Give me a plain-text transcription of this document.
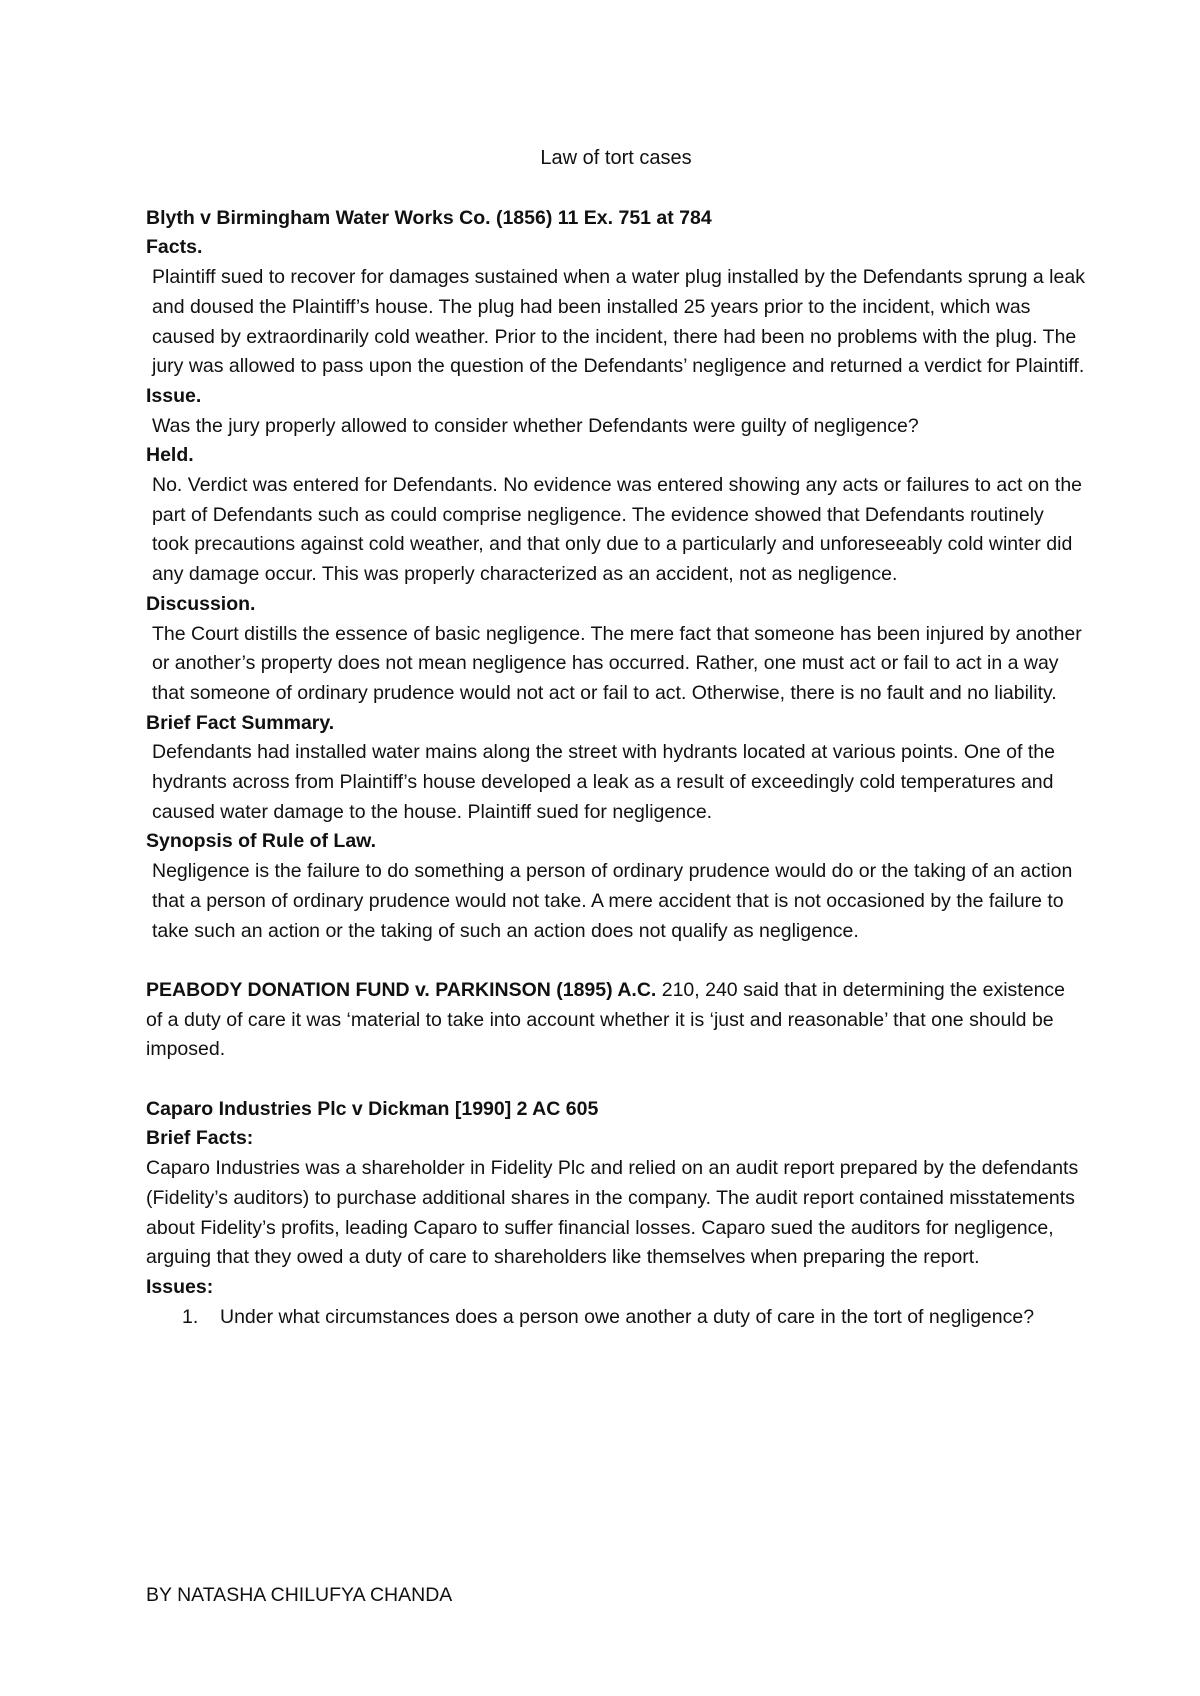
Law of tort cases

Blyth v Birmingham Water Works Co. (1856) 11 Ex. 751 at 784

Facts.

Plaintiff sued to recover for damages sustained when a water plug installed by the Defendants sprung a leak and doused the Plaintiff’s house. The plug had been installed 25 years prior to the incident, which was caused by extraordinarily cold weather. Prior to the incident, there had been no problems with the plug. The jury was allowed to pass upon the question of the Defendants’ negligence and returned a verdict for Plaintiff.

Issue.

Was the jury properly allowed to consider whether Defendants were guilty of negligence?

Held.

No. Verdict was entered for Defendants. No evidence was entered showing any acts or failures to act on the part of Defendants such as could comprise negligence. The evidence showed that Defendants routinely took precautions against cold weather, and that only due to a particularly and unforeseeably cold winter did any damage occur. This was properly characterized as an accident, not as negligence.

Discussion.

The Court distills the essence of basic negligence. The mere fact that someone has been injured by another or another’s property does not mean negligence has occurred. Rather, one must act or fail to act in a way that someone of ordinary prudence would not act or fail to act. Otherwise, there is no fault and no liability.

Brief Fact Summary.

Defendants had installed water mains along the street with hydrants located at various points. One of the hydrants across from Plaintiff’s house developed a leak as a result of exceedingly cold temperatures and caused water damage to the house. Plaintiff sued for negligence.

Synopsis of Rule of Law.

Negligence is the failure to do something a person of ordinary prudence would do or the taking of an action that a person of ordinary prudence would not take. A mere accident that is not occasioned by the failure to take such an action or the taking of such an action does not qualify as negligence.

PEABODY DONATION FUND v. PARKINSON (1895) A.C. 210, 240 said that in determining the existence of a duty of care it was ‘material to take into account whether it is ‘just and reasonable’ that one should be imposed.

Caparo Industries Plc v Dickman [1990] 2 AC 605

Brief Facts:

Caparo Industries was a shareholder in Fidelity Plc and relied on an audit report prepared by the defendants (Fidelity’s auditors) to purchase additional shares in the company. The audit report contained misstatements about Fidelity’s profits, leading Caparo to suffer financial losses. Caparo sued the auditors for negligence, arguing that they owed a duty of care to shareholders like themselves when preparing the report.

Issues:

1. Under what circumstances does a person owe another a duty of care in the tort of negligence?
BY NATASHA CHILUFYA CHANDA
